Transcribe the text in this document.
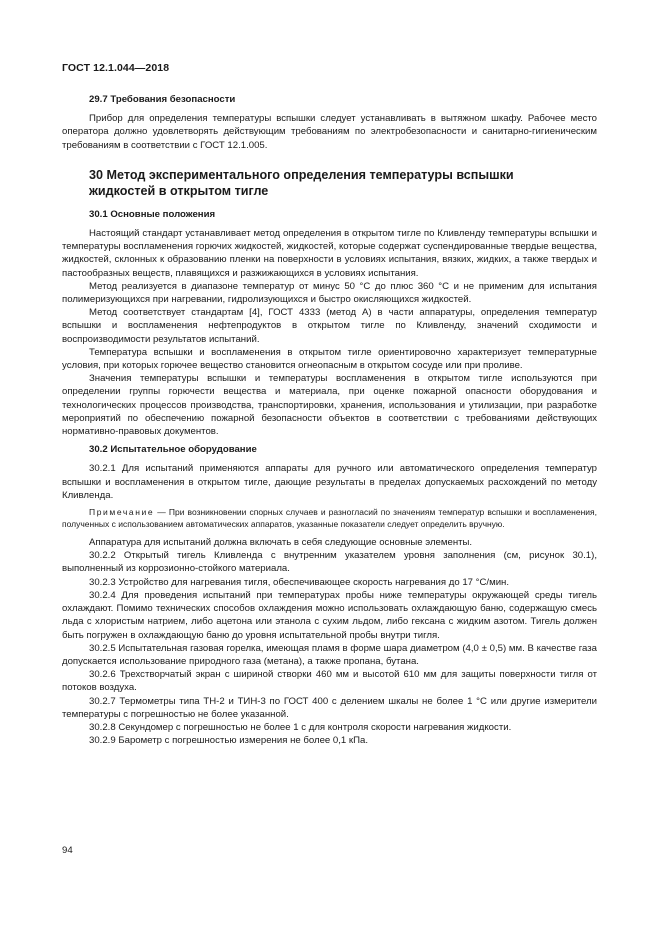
ГОСТ 12.1.044—2018

29.7 Требования безопасности

Прибор для определения температуры вспышки следует устанавливать в вытяжном шкафу. Рабочее место оператора должно удовлетворять действующим требованиям по электробезопасности и санитарно-гигиеническим требованиям в соответствии с ГОСТ 12.1.005.

30 Метод экспериментального определения температуры вспышки
жидкостей в открытом тигле

30.1 Основные положения

Настоящий стандарт устанавливает метод определения в открытом тигле по Кливленду температуры вспышки и температуры воспламенения горючих жидкостей, жидкостей, которые содержат суспендированные твердые вещества, жидкостей, склонных к образованию пленки на поверхности в условиях испытания, вязких, жидких, а также твердых и пастообразных веществ, плавящихся и разжижающихся в условиях испытания.

Метод реализуется в диапазоне температур от минус 50 °C до плюс 360 °C и не применим для испытания полимеризующихся при нагревании, гидролизующихся и быстро окисляющихся жидкостей.

Метод соответствует стандартам [4], ГОСТ 4333 (метод А) в части аппаратуры, определения температур вспышки и воспламенения нефтепродуктов в открытом тигле по Кливленду, значений сходимости и воспроизводимости результатов испытаний.

Температура вспышки и воспламенения в открытом тигле ориентировочно характеризует температурные условия, при которых горючее вещество становится огнеопасным в открытом сосуде или при проливе.

Значения температуры вспышки и температуры воспламенения в открытом тигле используются при определении группы горючести вещества и материала, при оценке пожарной опасности оборудования и технологических процессов производства, транспортировки, хранения, использования и утилизации, при разработке мероприятий по обеспечению пожарной безопасности объектов в соответствии с требованиями действующих нормативно-правовых документов.

30.2 Испытательное оборудование

30.2.1 Для испытаний применяются аппараты для ручного или автоматического определения температур вспышки и воспламенения в открытом тигле, дающие результаты в пределах допускаемых расхождений по методу Кливленда.

Примечание — При возникновении спорных случаев и разногласий по значениям температур вспышки и воспламенения, полученных с использованием автоматических аппаратов, указанные показатели следует определить вручную.

Аппаратура для испытаний должна включать в себя следующие основные элементы.

30.2.2 Открытый тигель Кливленда с внутренним указателем уровня заполнения (см, рисунок 30.1), выполненный из коррозионно-стойкого материала.

30.2.3 Устройство для нагревания тигля, обеспечивающее скорость нагревания до 17 °C/мин.

30.2.4 Для проведения испытаний при температурах пробы ниже температуры окружающей среды тигель охлаждают. Помимо технических способов охлаждения можно использовать охлаждающую баню, содержащую смесь льда с хлористым натрием, либо ацетона или этанола с сухим льдом, либо гексана с жидким азотом. Тигель должен быть погружен в охлаждающую баню до уровня испытательной пробы внутри тигля.

30.2.5 Испытательная газовая горелка, имеющая пламя в форме шара диаметром (4,0 ± 0,5) мм. В качестве газа допускается использование природного газа (метана), а также пропана, бутана.

30.2.6 Трехстворчатый экран с шириной створки 460 мм и высотой 610 мм для защиты поверхности тигля от потоков воздуха.

30.2.7 Термометры типа ТН-2 и ТИН-3 по ГОСТ 400 с делением шкалы не более 1 °C или другие измерители температуры с погрешностью не более указанной.

30.2.8 Секундомер с погрешностью не более 1 с для контроля скорости нагревания жидкости.

30.2.9 Барометр с погрешностью измерения не более 0,1 кПа.

94
